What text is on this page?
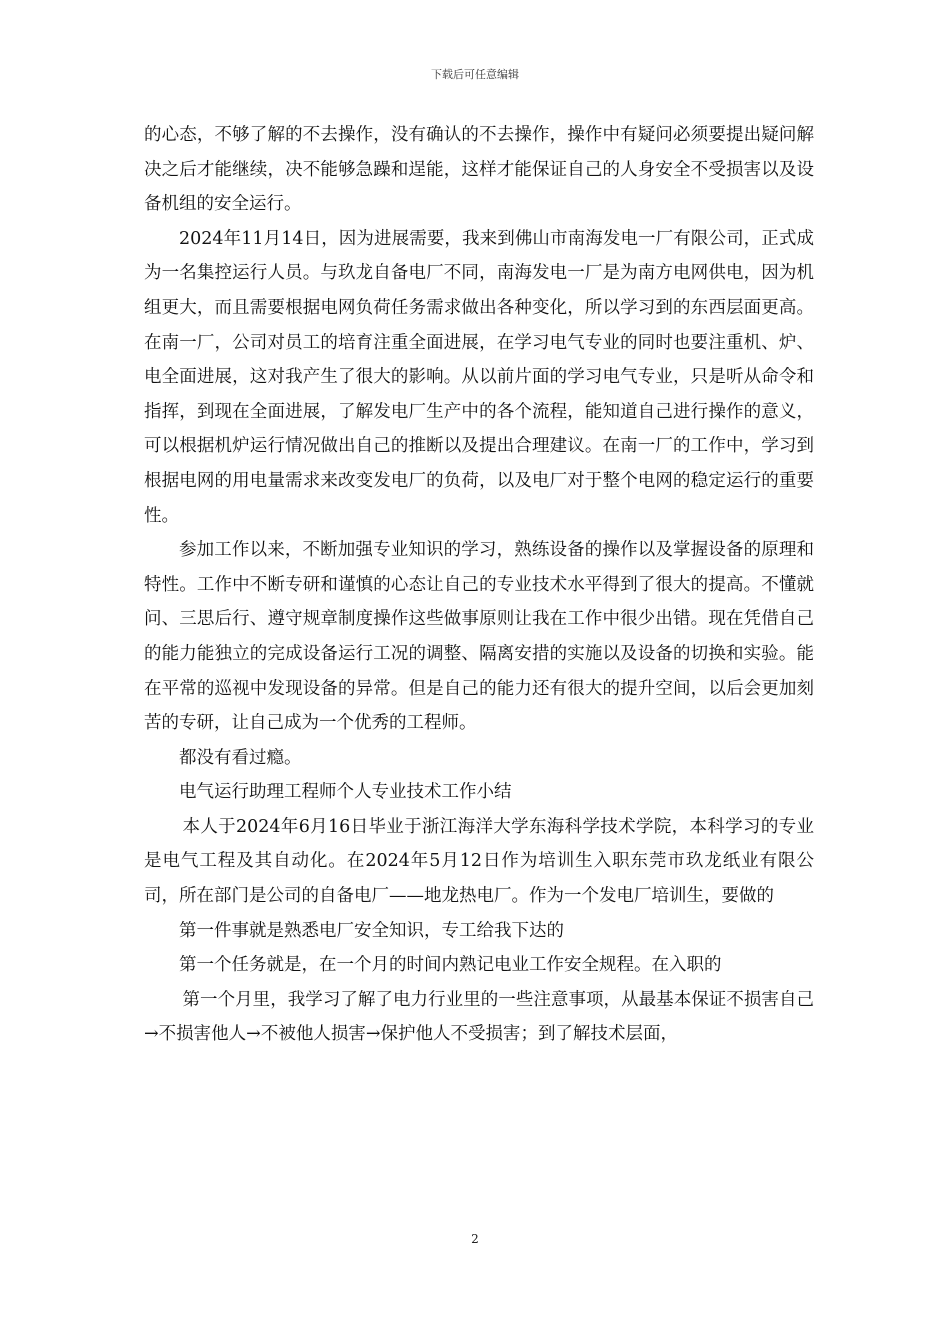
下载后可任意编辑

的心态，不够了解的不去操作，没有确认的不去操作，操作中有疑问必须要提出疑问解决之后才能继续，决不能够急躁和逞能，这样才能保证自己的人身安全不受损害以及设备机组的安全运行。

2024年11月14日，因为进展需要，我来到佛山市南海发电一厂有限公司，正式成为一名集控运行人员。与玖龙自备电厂不同，南海发电一厂是为南方电网供电，因为机组更大，而且需要根据电网负荷任务需求做出各种变化，所以学习到的东西层面更高。在南一厂，公司对员工的培育注重全面进展，在学习电气专业的同时也要注重机、炉、电全面进展，这对我产生了很大的影响。从以前片面的学习电气专业，只是听从命令和指挥，到现在全面进展，了解发电厂生产中的各个流程，能知道自己进行操作的意义，可以根据机炉运行情况做出自己的推断以及提出合理建议。在南一厂的工作中，学习到根据电网的用电量需求来改变发电厂的负荷，以及电厂对于整个电网的稳定运行的重要性。

参加工作以来，不断加强专业知识的学习，熟练设备的操作以及掌握设备的原理和特性。工作中不断专研和谨慎的心态让自己的专业技术水平得到了很大的提高。不懂就问、三思后行、遵守规章制度操作这些做事原则让我在工作中很少出错。现在凭借自己的能力能独立的完成设备运行工况的调整、隔离安措的实施以及设备的切换和实验。能在平常的巡视中发现设备的异常。但是自己的能力还有很大的提升空间，以后会更加刻苦的专研，让自己成为一个优秀的工程师。

都没有看过瘾。

电气运行助理工程师个人专业技术工作小结

本人于2024年6月16日毕业于浙江海洋大学东海科学技术学院，本科学习的专业是电气工程及其自动化。在2024年5月12日作为培训生入职东莞市玖龙纸业有限公司，所在部门是公司的自备电厂——地龙热电厂。作为一个发电厂培训生，要做的

第一件事就是熟悉电厂安全知识，专工给我下达的

第一个任务就是，在一个月的时间内熟记电业工作安全规程。在入职的

第一个月里，我学习了解了电力行业里的一些注意事项，从最基本保证不损害自己→不损害他人→不被他人损害→保护他人不受损害；到了解技术层面，

2
